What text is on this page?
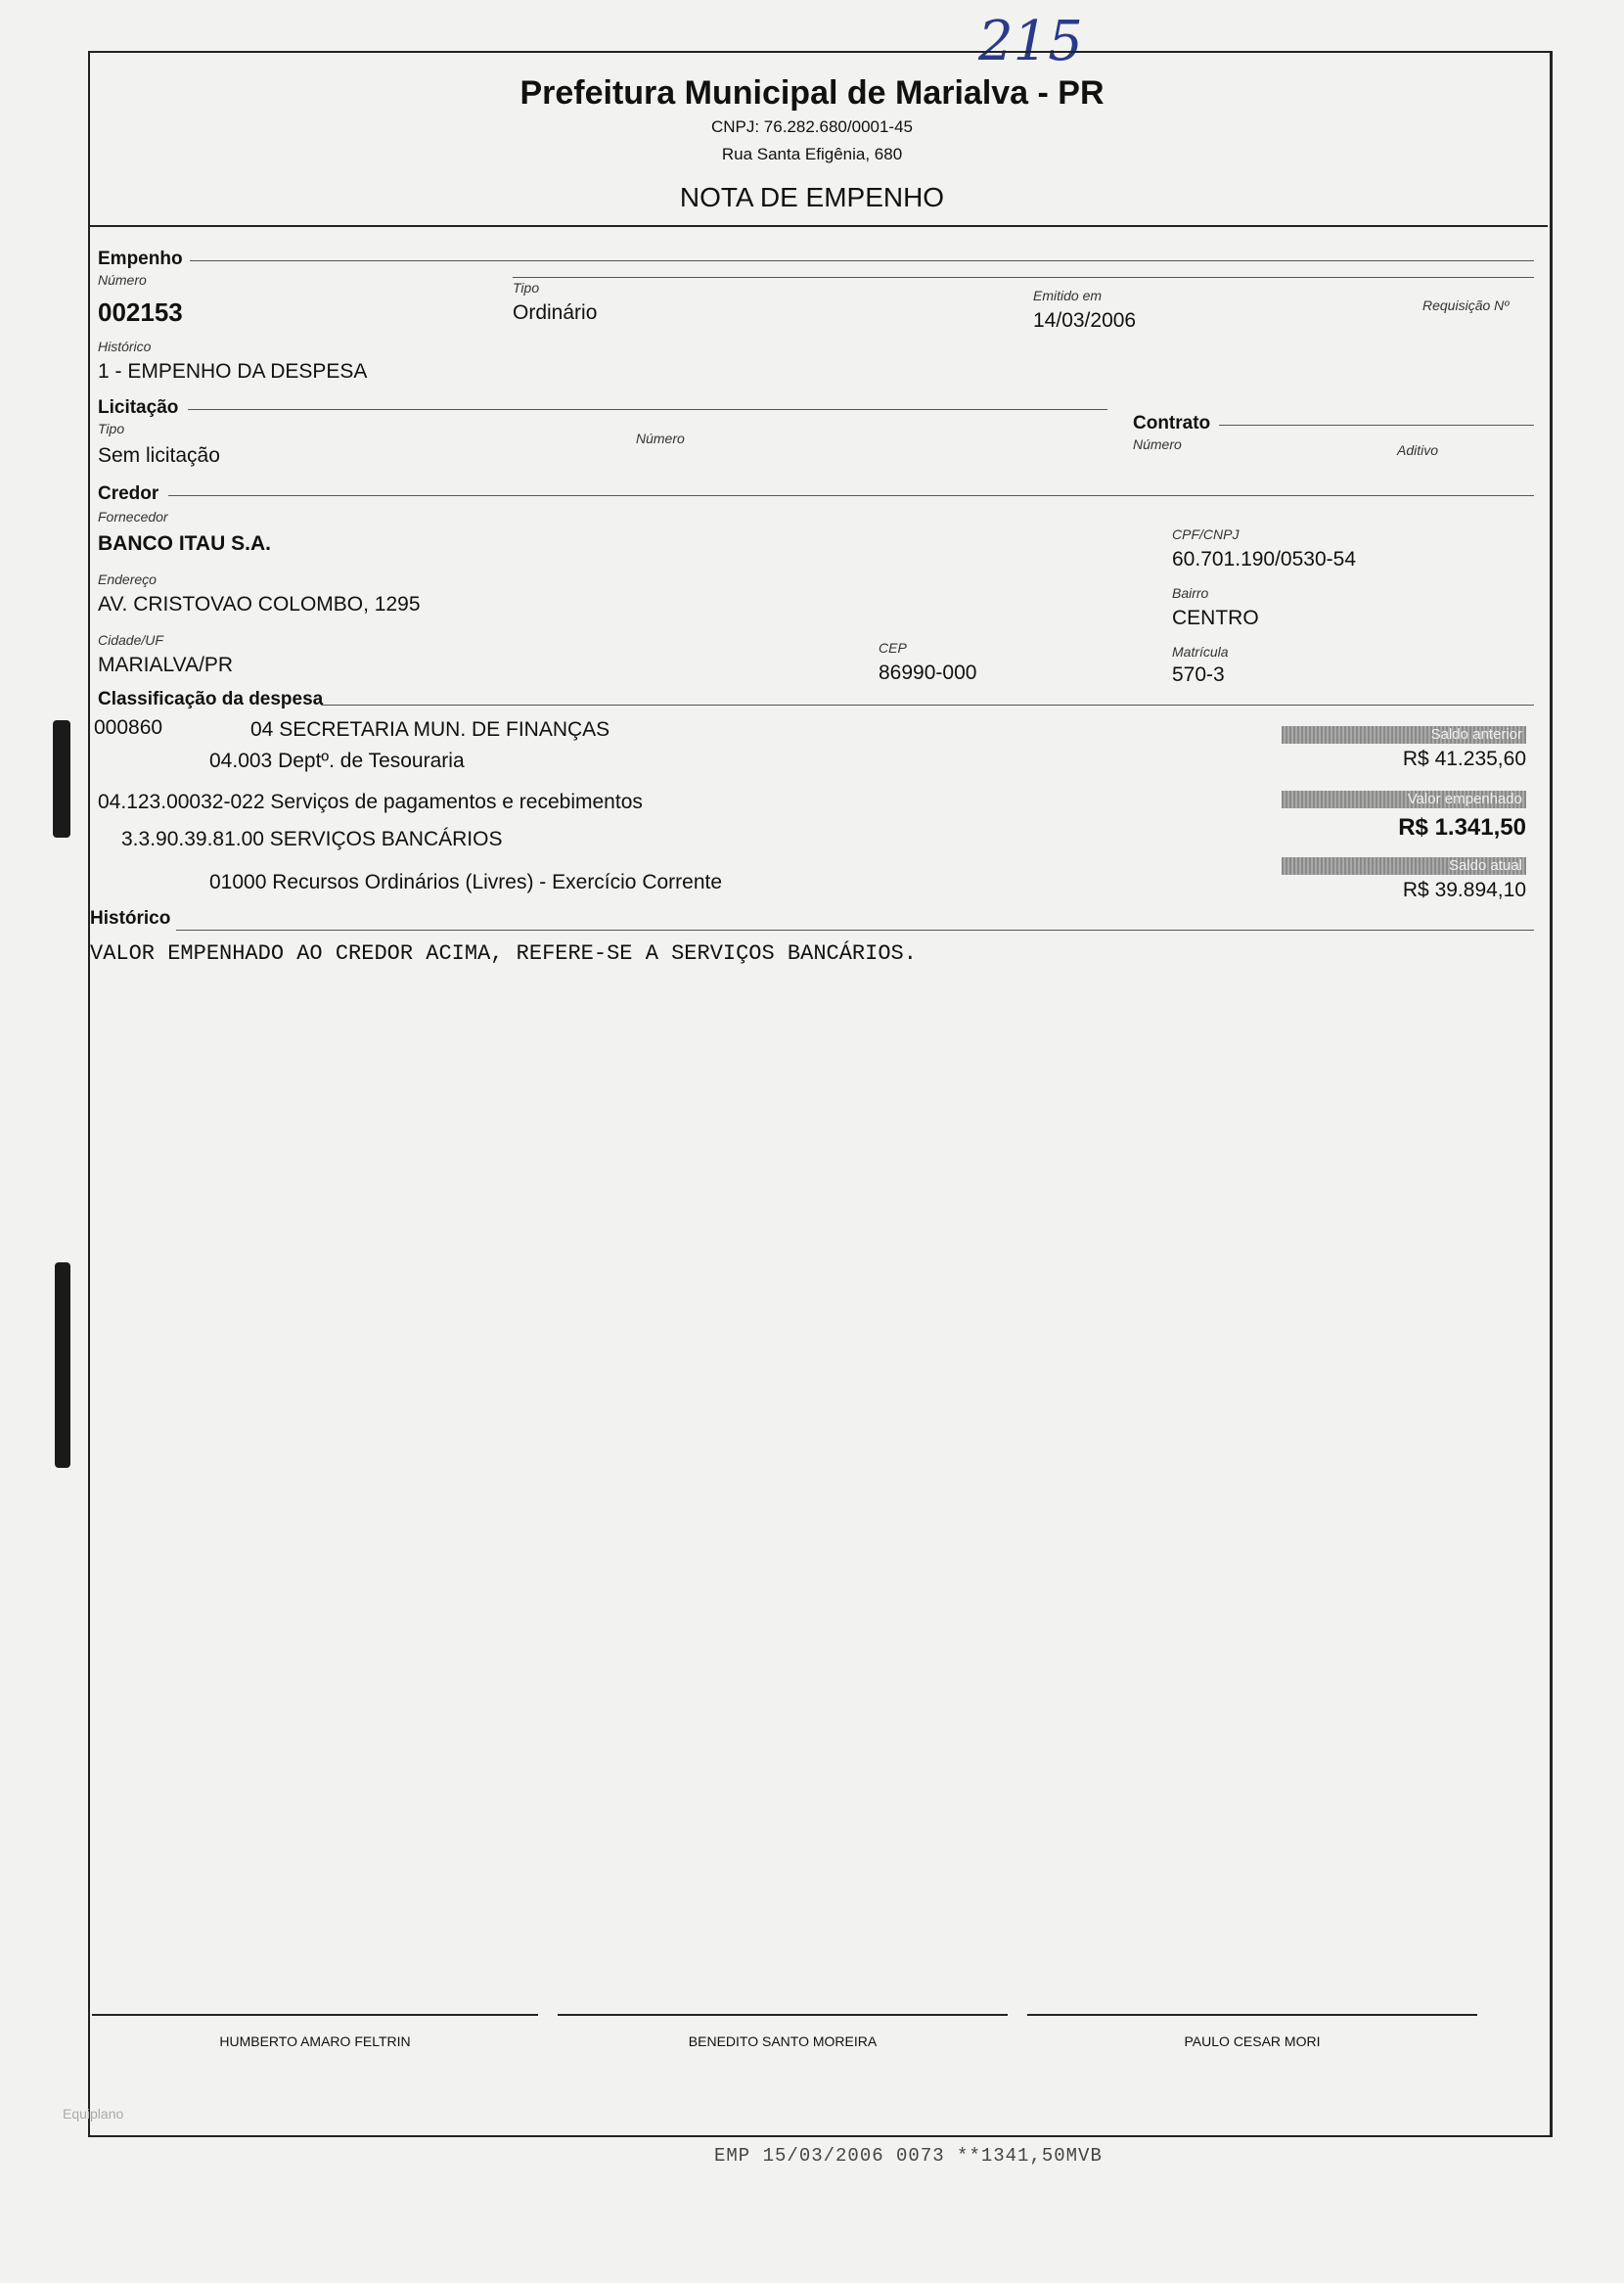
215
Prefeitura Municipal de Marialva - PR
CNPJ: 76.282.680/0001-45
Rua Santa Efigênia, 680
NOTA DE EMPENHO
Empenho
Número
002153
Tipo
Ordinário
Emitido em
14/03/2006
Requisição Nº
Histórico
1 - EMPENHO DA DESPESA
Licitação
Tipo
Sem licitação
Número
Contrato
Número	Aditivo
Credor
Fornecedor
BANCO ITAU S.A.	CPF/CNPJ
60.701.190/0530-54
Endereço
AV. CRISTOVAO COLOMBO, 1295	Bairro
CENTRO
Cidade/UF
MARIALVA/PR
CEP
86990-000
Matrícula
570-3
Classificação da despesa
000860	04 SECRETARIA MUN. DE FINANÇAS
04.003 Deptº. de Tesouraria
04.123.00032-022 Serviços de pagamentos e recebimentos
3.3.90.39.81.00 SERVIÇOS BANCÁRIOS
01000 Recursos Ordinários (Livres) - Exercício Corrente
Saldo anterior
R$ 41.235,60
Valor empenhado
R$ 1.341,50
Saldo atual
R$ 39.894,10
Histórico
VALOR EMPENHADO AO CREDOR ACIMA, REFERE-SE A SERVIÇOS BANCÁRIOS.
HUMBERTO AMARO FELTRIN	BENEDITO SANTO MOREIRA	PAULO CESAR MORI
Equiplano
EMP 15/03/2006 0073 **1341,50MVB
